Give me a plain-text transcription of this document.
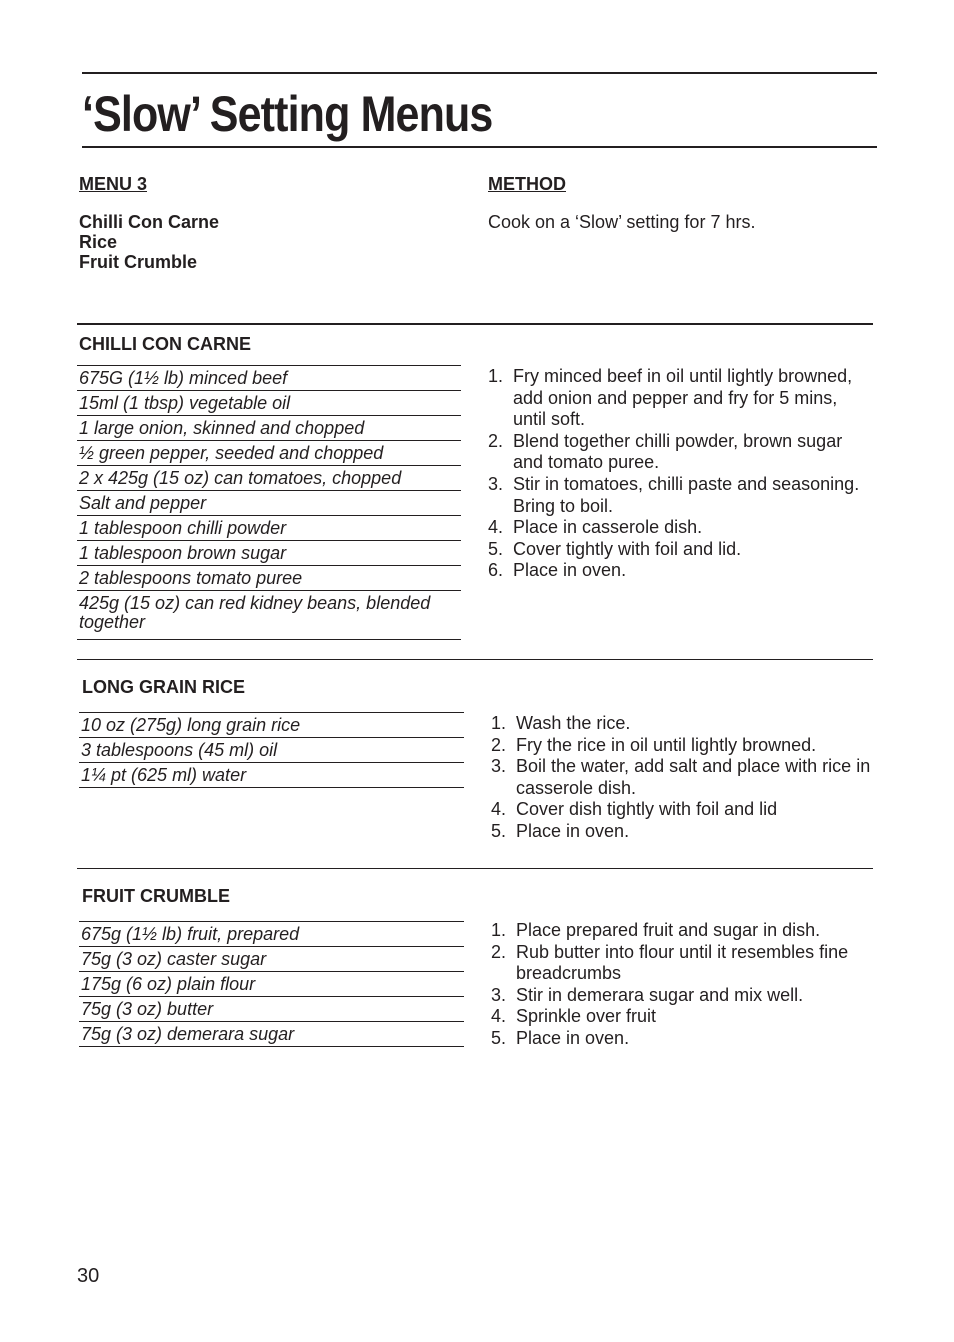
‘Slow’ Setting Menus
MENU 3
Chilli Con Carne
Rice
Fruit Crumble
METHOD
Cook on a ‘Slow’ setting for 7 hrs.
CHILLI CON CARNE
675G (1½ lb) minced beef
15ml (1 tbsp) vegetable oil
1 large onion, skinned and chopped
½ green pepper, seeded and chopped
2 x 425g (15 oz) can tomatoes, chopped
Salt and pepper
1 tablespoon chilli powder
1 tablespoon brown sugar
2 tablespoons tomato puree
425g (15 oz) can red kidney beans, blended together
1. Fry minced beef in oil until lightly browned, add onion and pepper and fry for 5 mins, until soft.
2. Blend together chilli powder, brown sugar and tomato puree.
3. Stir in tomatoes, chilli paste and seasoning. Bring to boil.
4. Place in casserole dish.
5. Cover tightly with foil and lid.
6. Place in oven.
LONG GRAIN RICE
10 oz (275g) long grain rice
3 tablespoons (45 ml) oil
1¼ pt (625 ml) water
1. Wash the rice.
2. Fry the rice in oil until lightly browned.
3. Boil the water, add salt and place with rice in casserole dish.
4. Cover dish tightly with foil and lid
5. Place in oven.
FRUIT CRUMBLE
675g (1½ lb) fruit, prepared
75g (3 oz) caster sugar
175g (6 oz) plain flour
75g (3 oz) butter
75g (3 oz) demerara sugar
1. Place prepared fruit and sugar in dish.
2. Rub butter into flour until it resembles fine breadcrumbs
3. Stir in demerara sugar and mix well.
4. Sprinkle over fruit
5. Place in oven.
30
